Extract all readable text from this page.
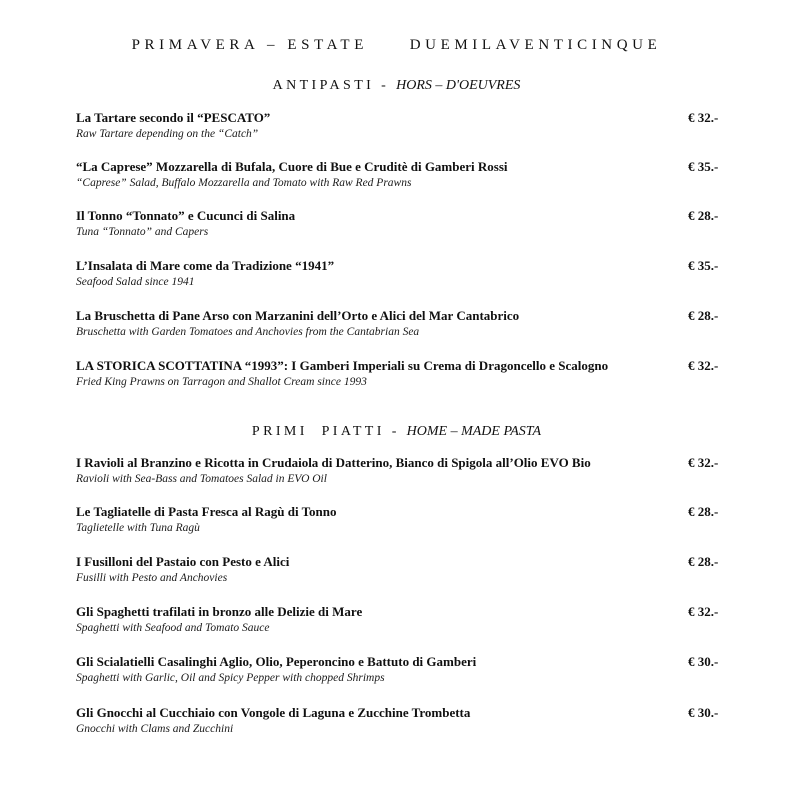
PRIMAVERA – ESTATE     DUEMILAVENTICINQUE
ANTIPASTI - HORS – D'OEUVRES
La Tartare secondo il “PESCATO”
Raw Tartare depending on the “Catch”
€ 32.-
“La Caprese” Mozzarella di Bufala, Cuore di Bue e Cruditè di Gamberi Rossi
“Caprese” Salad, Buffalo Mozzarella and Tomato with Raw Red Prawns
€ 35.-
Il Tonno “Tonnato” e Cucunci di Salina
Tuna “Tonnato” and Capers
€ 28.-
L’Insalata di Mare come da Tradizione “1941”
Seafood Salad since 1941
€ 35.-
La Bruschetta di Pane Arso con Marzanini dell’Orto e Alici del Mar Cantabrico
Bruschetta with Garden Tomatoes and Anchovies from the Cantabrian Sea
€ 28.-
LA STORICA SCOTTATINA “1993”: I Gamberi Imperiali su Crema di Dragoncello e Scalogno
Fried King Prawns on Tarragon and Shallot Cream since 1993
€ 32.-
PRIMI  PIATTI - HOME – MADE PASTA
I Ravioli al Branzino e Ricotta in Crudaiola di Datterino, Bianco di Spigola all’Olio EVO Bio
Ravioli with Sea-Bass and Tomatoes Salad in EVO Oil
€ 32.-
Le Tagliatelle di Pasta Fresca al Ragù di Tonno
Taglietelle with Tuna Ragù
€ 28.-
I Fusilloni del Pastaio con Pesto e Alici
Fusilli with Pesto and Anchovies
€ 28.-
Gli Spaghetti trafilati in bronzo alle Delizie di Mare
Spaghetti with Seafood and Tomato Sauce
€ 32.-
Gli Scialatielli Casalinghi Aglio, Olio, Peperoncino e Battuto di Gamberi
Spaghetti with Garlic, Oil and Spicy Pepper with chopped Shrimps
€ 30.-
Gli Gnocchi al Cucchiaio con Vongole di Laguna e Zucchine Trombetta
Gnocchi with Clams and Zucchini
€ 30.-
